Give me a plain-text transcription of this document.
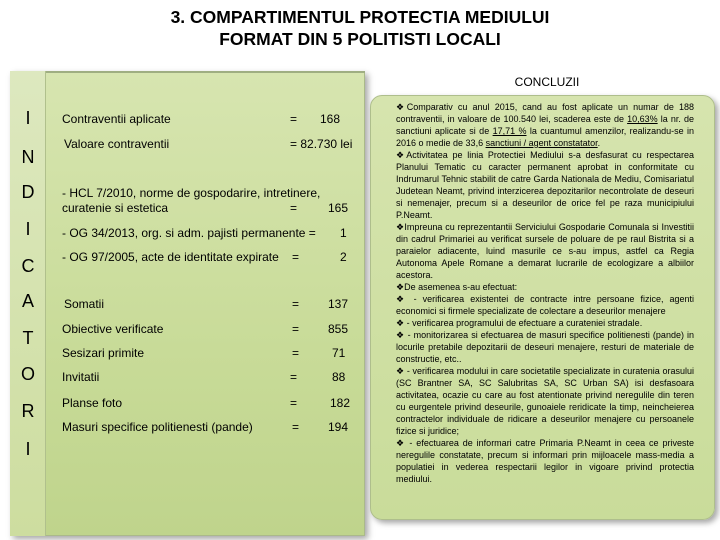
3. COMPARTIMENTUL PROTECTIA MEDIULUI
FORMAT DIN 5 POLITISTI LOCALI
I
N
D
I
C
A
T
O
R
I
Contraventii aplicate	= 168
Valoare contraventii	= 82.730 lei
- HCL 7/2010, norme de gospodarire, intretinere,
curatenie si estetica	=	165
- OG 34/2013, org. si adm. pajisti permanente = 1
- OG 97/2005, acte de identitate expirate =	2
Somatii	= 137
Obiective verificate	= 855
Sesizari primite	=	71
Invitatii	=	88
Planse foto	=	182
Masuri specifice politienesti (pande)	= 194
CONCLUZII

❖Comparativ cu anul 2015, cand au fost aplicate un numar de 188 contraventii, in valoare de 100.540 lei, scaderea este de 10,63% la nr. de sanctiuni aplicate si de 17,71 % la cuantumul amenzilor, realizandu-se in 2016 o medie de 33,6 sanctiuni / agent constatator.

❖Activitatea pe linia Protectiei Mediului s-a desfasurat cu respectarea Planului Tematic cu caracter permanent aprobat in conformitate cu Indrumarul Tehnic stabilit de catre Garda Nationala de Mediu, Comisariatul Judetean Neamt, privind interzicerea depozitarilor necontrolate de deseuri si nemenajer, precum si a deseurilor de orice fel pe raza municipiului P.Neamt.

❖Impreuna cu reprezentantii Serviciului Gospodarie Comunala si Investitii din cadrul Primariei au verificat sursele de poluare de pe raul Bistrita si a paraielor adiacente, luind masurile ce s-au impus, astfel ca Regia Autonoma Apele Romane a demarat lucrarile de ecologizare a albiilor acestora.

❖De asemenea s-au efectuat:

❖ - verificarea existentei de contracte intre persoane fizice, agenti economici si firmele specializate de colectare a deseurilor menajere

❖ - verificarea programului de efectuare a curateniei stradale.

❖ - monitorizarea si efectuarea de masuri specifice politienesti (pande) in locurile pretabile depozitarii de deseuri menajere, resturi de materiale de constructie, etc..

❖ - verificarea modului in care societatile specializate in curatenia orasului (SC Brantner SA, SC Salubritas SA, SC Urban SA) isi desfasoara activitatea, ocazie cu care au fost atentionate privind neregulile din teren cu eurgentele privind deseurile, gunoaiele reridicate la timp, neincheierea contractelor individuale de ridicare a deseurilor menajere cu persoanele fizice si juridice;

❖ - efectuarea de informari catre Primaria P.Neamt in ceea ce priveste neregulile constatate, precum si informari prin mijloacele mass-media a populatiei in vederea respectarii legilor in vigoare privind protectia mediului.
